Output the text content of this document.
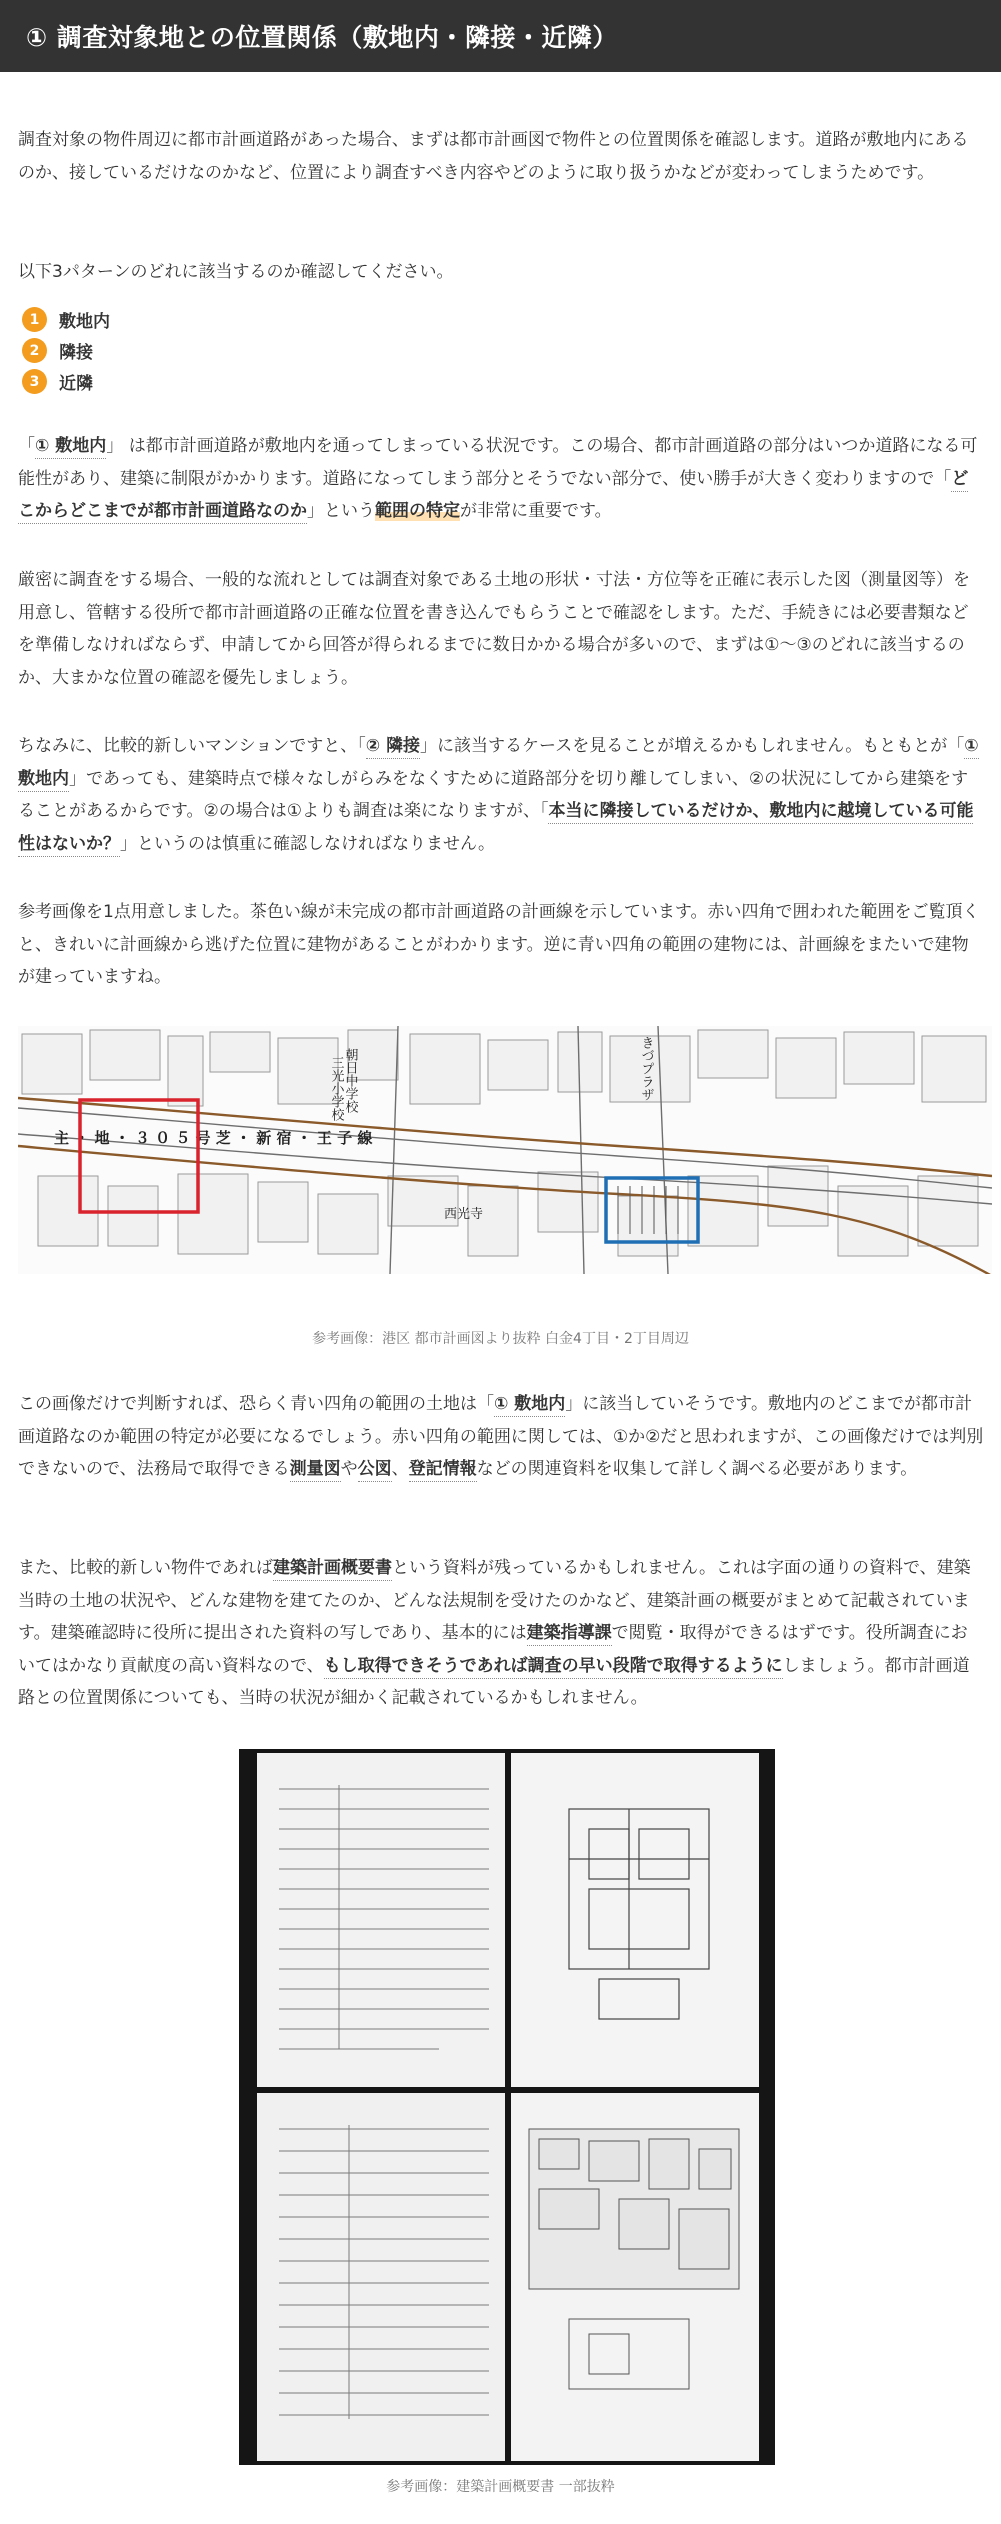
① 調査対象地との位置関係（敷地内・隣接・近隣）

調査対象の物件周辺に都市計画道路があった場合、まずは都市計画図で物件との位置関係を確認します。道路が敷地内にあるのか、接しているだけなのかなど、位置により調査すべき内容やどのように取り扱うかなどが変わってしまうためです。

以下3パターンのどれに該当するのか確認してください。

1	敷地内
2	隣接
3	近隣

「① 敷地内」 は都市計画道路が敷地内を通ってしまっている状況です。この場合、都市計画道路の部分はいつか道路になる可能性があり、建築に制限がかかります。道路になってしまう部分とそうでない部分で、使い勝手が大きく変わりますので「どこからどこまでが都市計画道路なのか」という範囲の特定が非常に重要です。

厳密に調査をする場合、一般的な流れとしては調査対象である土地の形状・寸法・方位等を正確に表示した図（測量図等）を用意し、管轄する役所で都市計画道路の正確な位置を書き込んでもらうことで確認をします。ただ、手続きには必要書類などを準備しなければならず、申請してから回答が得られるまでに数日かかる場合が多いので、まずは①〜③のどれに該当するのか、大まかな位置の確認を優先しましょう。

ちなみに、比較的新しいマンションですと、「② 隣接」に該当するケースを見ることが増えるかもしれません。もともとが「① 敷地内」であっても、建築時点で様々なしがらみをなくすために道路部分を切り離してしまい、②の状況にしてから建築をすることがあるからです。②の場合は①よりも調査は楽になりますが、「本当に隣接しているだけか、敷地内に越境している可能性はないか？」というのは慎重に確認しなければなりません。

参考画像を1点用意しました。茶色い線が未完成の都市計画道路の計画線を示しています。赤い四角で囲われた範囲をご覧頂くと、きれいに計画線から逃げた位置に建物があることがわかります。逆に青い四角の範囲の建物には、計画線をまたいで建物が建っていますね。

主 ・ 地 ・ ３ ０ ５ 号 芝 ・ 新 宿 ・ 王 子 線
三光小学校 朝日中学校	きづプラザ
西光寺
参考画像：港区 都市計画図より抜粋 白金4丁目・2丁目周辺

この画像だけで判断すれば、恐らく青い四角の範囲の土地は「① 敷地内」に該当していそうです。敷地内のどこまでが都市計画道路なのか範囲の特定が必要になるでしょう。赤い四角の範囲に関しては、①か②だと思われますが、この画像だけでは判別できないので、法務局で取得できる測量図や公図、登記情報などの関連資料を収集して詳しく調べる必要があります。

また、比較的新しい物件であれば建築計画概要書という資料が残っているかもしれません。これは字面の通りの資料で、建築当時の土地の状況や、どんな建物を建てたのか、どんな法規制を受けたのかなど、建築計画の概要がまとめて記載されています。建築確認時に役所に提出された資料の写しであり、基本的には建築指導課で閲覧・取得ができるはずです。役所調査においてはかなり貢献度の高い資料なので、もし取得できそうであれば調査の早い段階で取得するようにしましょう。都市計画道路との位置関係についても、当時の状況が細かく記載されているかもしれません。

参考画像：建築計画概要書 一部抜粋
